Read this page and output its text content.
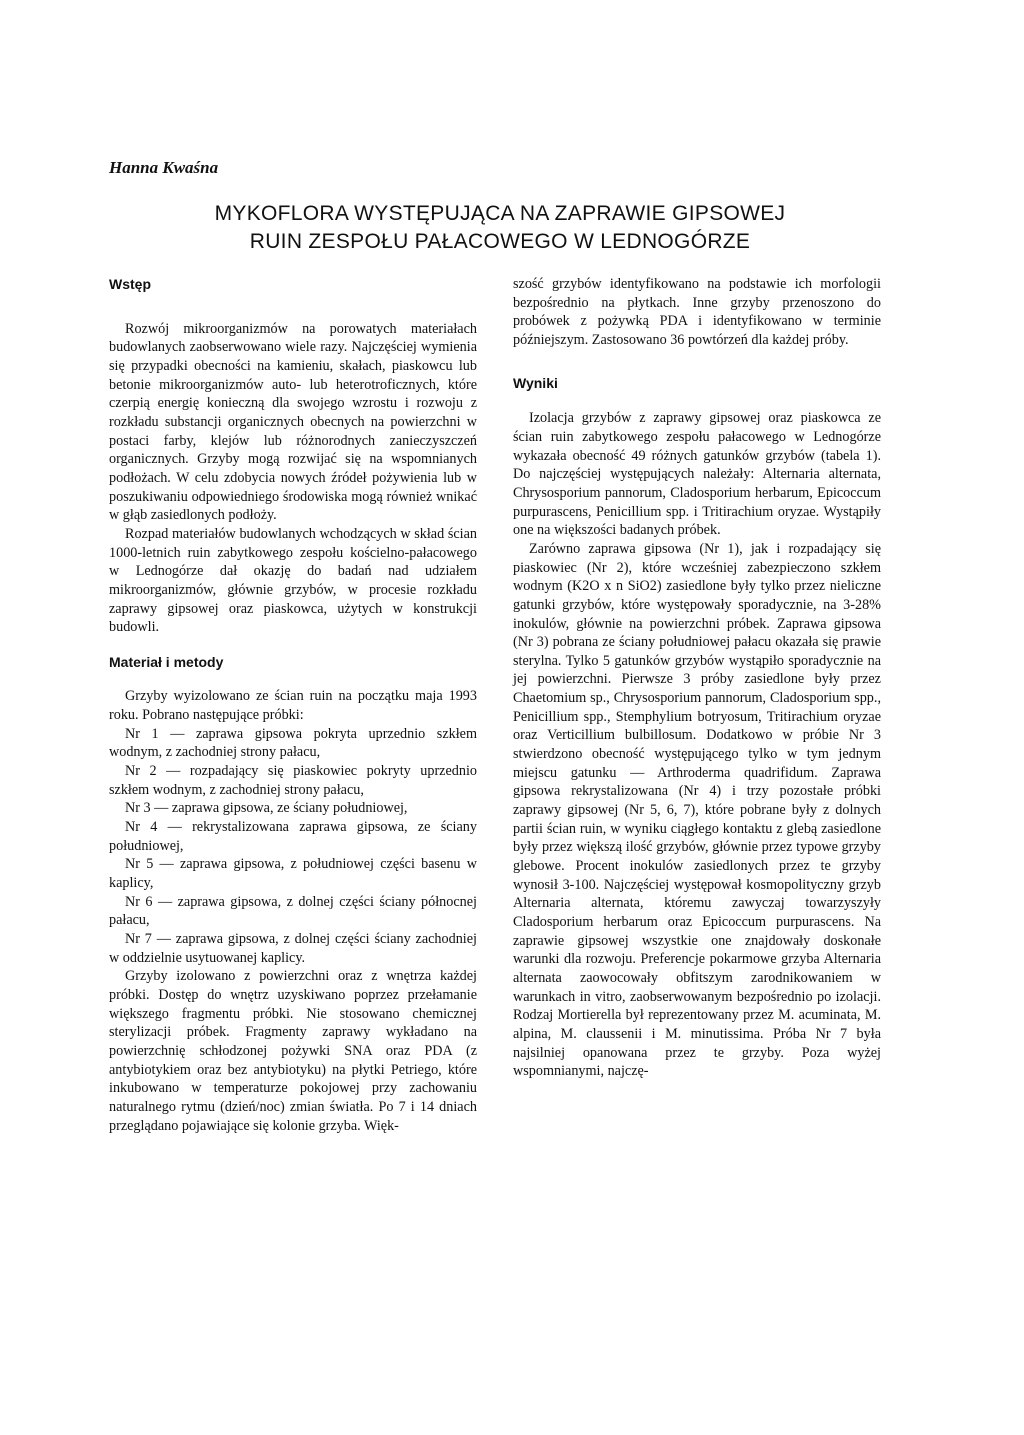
Hanna Kwaśna
MYKOFLORA WYSTĘPUJĄCA NA ZAPRAWIE GIPSOWEJ
RUIN ZESPOŁU PAŁACOWEGO W LEDNOGÓRZE
Wstęp

Rozwój mikroorganizmów na porowatych materiałach budowlanych zaobserwowano wiele razy. Najczęściej wymienia się przypadki obecności na kamieniu, skałach, piaskowcu lub betonie mikroorganizmów auto- lub heterotroficznych, które czerpią energię konieczną dla swojego wzrostu i rozwoju z rozkładu substancji organicznych obecnych na powierzchni w postaci farby, klejów lub różnorodnych zanieczyszczeń organicznych. Grzyby mogą rozwijać się na wspomnianych podłożach. W celu zdobycia nowych źródeł pożywienia lub w poszukiwaniu odpowiedniego środowiska mogą również wnikać w głąb zasiedlonych podłoży.

Rozpad materiałów budowlanych wchodzących w skład ścian 1000-letnich ruin zabytkowego zespołu kościelno-pałacowego w Lednogórze dał okazję do badań nad udziałem mikroorganizmów, głównie grzybów, w procesie rozkładu zaprawy gipsowej oraz piaskowca, użytych w konstrukcji budowli.

Materiał i metody

Grzyby wyizolowano ze ścian ruin na początku maja 1993 roku. Pobrano następujące próbki:

Nr 1 — zaprawa gipsowa pokryta uprzednio szkłem wodnym, z zachodniej strony pałacu,

Nr 2 — rozpadający się piaskowiec pokryty uprzednio szkłem wodnym, z zachodniej strony pałacu,

Nr 3 — zaprawa gipsowa, ze ściany południowej,

Nr 4 — rekrystalizowana zaprawa gipsowa, ze ściany południowej,

Nr 5 — zaprawa gipsowa, z południowej części basenu w kaplicy,

Nr 6 — zaprawa gipsowa, z dolnej części ściany północnej pałacu,

Nr 7 — zaprawa gipsowa, z dolnej części ściany zachodniej w oddzielnie usytuowanej kaplicy.

Grzyby izolowano z powierzchni oraz z wnętrza każdej próbki. Dostęp do wnętrz uzyskiwano poprzez przełamanie większego fragmentu próbki. Nie stosowano chemicznej sterylizacji próbek. Fragmenty zaprawy wykładano na powierzchnię schłodzonej pożywki SNA oraz PDA (z antybiotykiem oraz bez antybiotyku) na płytki Petriego, które inkubowano w temperaturze pokojowej przy zachowaniu naturalnego rytmu (dzień/noc) zmian światła. Po 7 i 14 dniach przeglądano pojawiające się kolonie grzyba. Więk-

szość grzybów identyfikowano na podstawie ich morfologii bezpośrednio na płytkach. Inne grzyby przenoszono do probówek z pożywką PDA i identyfikowano w terminie późniejszym. Zastosowano 36 powtórzeń dla każdej próby.

Wyniki

Izolacja grzybów z zaprawy gipsowej oraz piaskowca ze ścian ruin zabytkowego zespołu pałacowego w Lednogórze wykazała obecność 49 różnych gatunków grzybów (tabela 1). Do najczęściej występujących należały: Alternaria alternata, Chrysosporium pannorum, Cladosporium herbarum, Epicoccum purpurascens, Penicillium spp. i Tritirachium oryzae. Wystąpiły one na większości badanych próbek.

Zarówno zaprawa gipsowa (Nr 1), jak i rozpadający się piaskowiec (Nr 2), które wcześniej zabezpieczono szkłem wodnym (K2O x n SiO2) zasiedlone były tylko przez nieliczne gatunki grzybów, które występowały sporadycznie, na 3-28% inokulów, głównie na powierzchni próbek. Zaprawa gipsowa (Nr 3) pobrana ze ściany południowej pałacu okazała się prawie sterylna. Tylko 5 gatunków grzybów wystąpiło sporadycznie na jej powierzchni. Pierwsze 3 próby zasiedlone były przez Chaetomium sp., Chrysosporium pannorum, Cladosporium spp., Penicillium spp., Stemphylium botryosum, Tritirachium oryzae oraz Verticillium bulbillosum. Dodatkowo w próbie Nr 3 stwierdzono obecność występującego tylko w tym jednym miejscu gatunku — Arthroderma quadrifidum. Zaprawa gipsowa rekrystalizowana (Nr 4) i trzy pozostałe próbki zaprawy gipsowej (Nr 5, 6, 7), które pobrane były z dolnych partii ścian ruin, w wyniku ciągłego kontaktu z glebą zasiedlone były przez większą ilość grzybów, głównie przez typowe grzyby glebowe. Procent inokulów zasiedlonych przez te grzyby wynosił 3-100. Najczęściej występował kosmopolityczny grzyb Alternaria alternata, któremu zawyczaj towarzyszyły Cladosporium herbarum oraz Epicoccum purpurascens. Na zaprawie gipsowej wszystkie one znajdowały doskonałe warunki dla rozwoju. Preferencje pokarmowe grzyba Alternaria alternata zaowocowały obfitszym zarodnikowaniem w warunkach in vitro, zaobserwowanym bezpośrednio po izolacji. Rodzaj Mortierella był reprezentowany przez M. acuminata, M. alpina, M. claussenii i M. minutissima. Próba Nr 7 była najsilniej opanowana przez te grzyby. Poza wyżej wspomnianymi, najczę-
